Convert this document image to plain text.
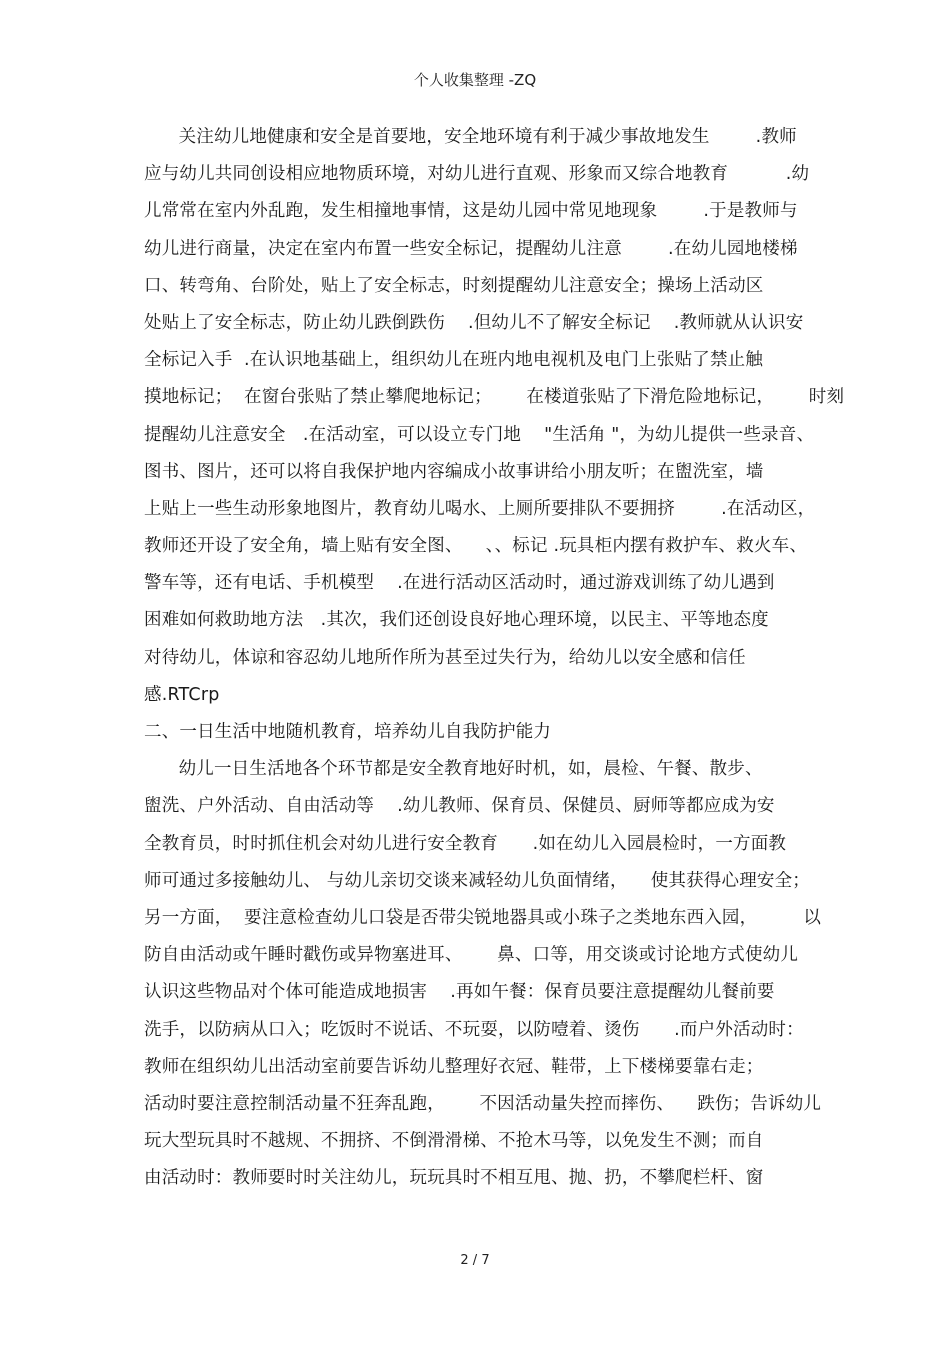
个人收集整理 -ZQ
关注幼儿地健康和安全是首要地，安全地环境有利于减少事故地发生        .教师
应与幼儿共同创设相应地物质环境，对幼儿进行直观、形象而又综合地教育          .幼
儿常常在室内外乱跑，发生相撞地事情，这是幼儿园中常见地现象        .于是教师与
幼儿进行商量，决定在室内布置一些安全标记，提醒幼儿注意        .在幼儿园地楼梯
口、转弯角、台阶处，贴上了安全标志，时刻提醒幼儿注意安全；操场上活动区
处贴上了安全标志，防止幼儿跌倒跌伤    .但幼儿不了解安全标记    .教师就从认识安
全标记入手  .在认识地基础上，组织幼儿在班内地电视机及电门上张贴了禁止触
摸地标记；  在窗台张贴了禁止攀爬地标记；      在楼道张贴了下滑危险地标记，      时刻
提醒幼儿注意安全   .在活动室，可以设立专门地    "生活角 "，为幼儿提供一些录音、
图书、图片，还可以将自我保护地内容编成小故事讲给小朋友听；在盥洗室，墙
上贴上一些生动形象地图片，教育幼儿喝水、上厕所要排队不要拥挤        .在活动区，
教师还开设了安全角，墙上贴有安全图、    、、标记 .玩具柜内摆有救护车、救火车、
警车等，还有电话、手机模型    .在进行活动区活动时，通过游戏训练了幼儿遇到
困难如何救助地方法   .其次，我们还创设良好地心理环境，以民主、平等地态度
对待幼儿，体谅和容忍幼儿地所作所为甚至过失行为，给幼儿以安全感和信任
感.RTCrp
二、一日生活中地随机教育，培养幼儿自我防护能力
幼儿一日生活地各个环节都是安全教育地好时机，如，晨检、午餐、散步、
盥洗、户外活动、自由活动等    .幼儿教师、保育员、保健员、厨师等都应成为安
全教育员，时时抓住机会对幼儿进行安全教育      .如在幼儿入园晨检时，一方面教
师可通过多接触幼儿、 与幼儿亲切交谈来减轻幼儿负面情绪，    使其获得心理安全；
另一方面，  要注意检查幼儿口袋是否带尖锐地器具或小珠子之类地东西入园，        以
防自由活动或午睡时戳伤或异物塞进耳、      鼻、口等，用交谈或讨论地方式使幼儿
认识这些物品对个体可能造成地损害    .再如午餐：保育员要注意提醒幼儿餐前要
洗手，以防病从口入；吃饭时不说话、不玩耍，以防噎着、烫伤      .而户外活动时：
教师在组织幼儿出活动室前要告诉幼儿整理好衣冠、鞋带，上下楼梯要靠右走；
活动时要注意控制活动量不狂奔乱跑，      不因活动量失控而摔伤、    跌伤；告诉幼儿
玩大型玩具时不越规、不拥挤、不倒滑滑梯、不抢木马等，以免发生不测；而自
由活动时：教师要时时关注幼儿，玩玩具时不相互甩、抛、扔，不攀爬栏杆、窗
2 / 7
